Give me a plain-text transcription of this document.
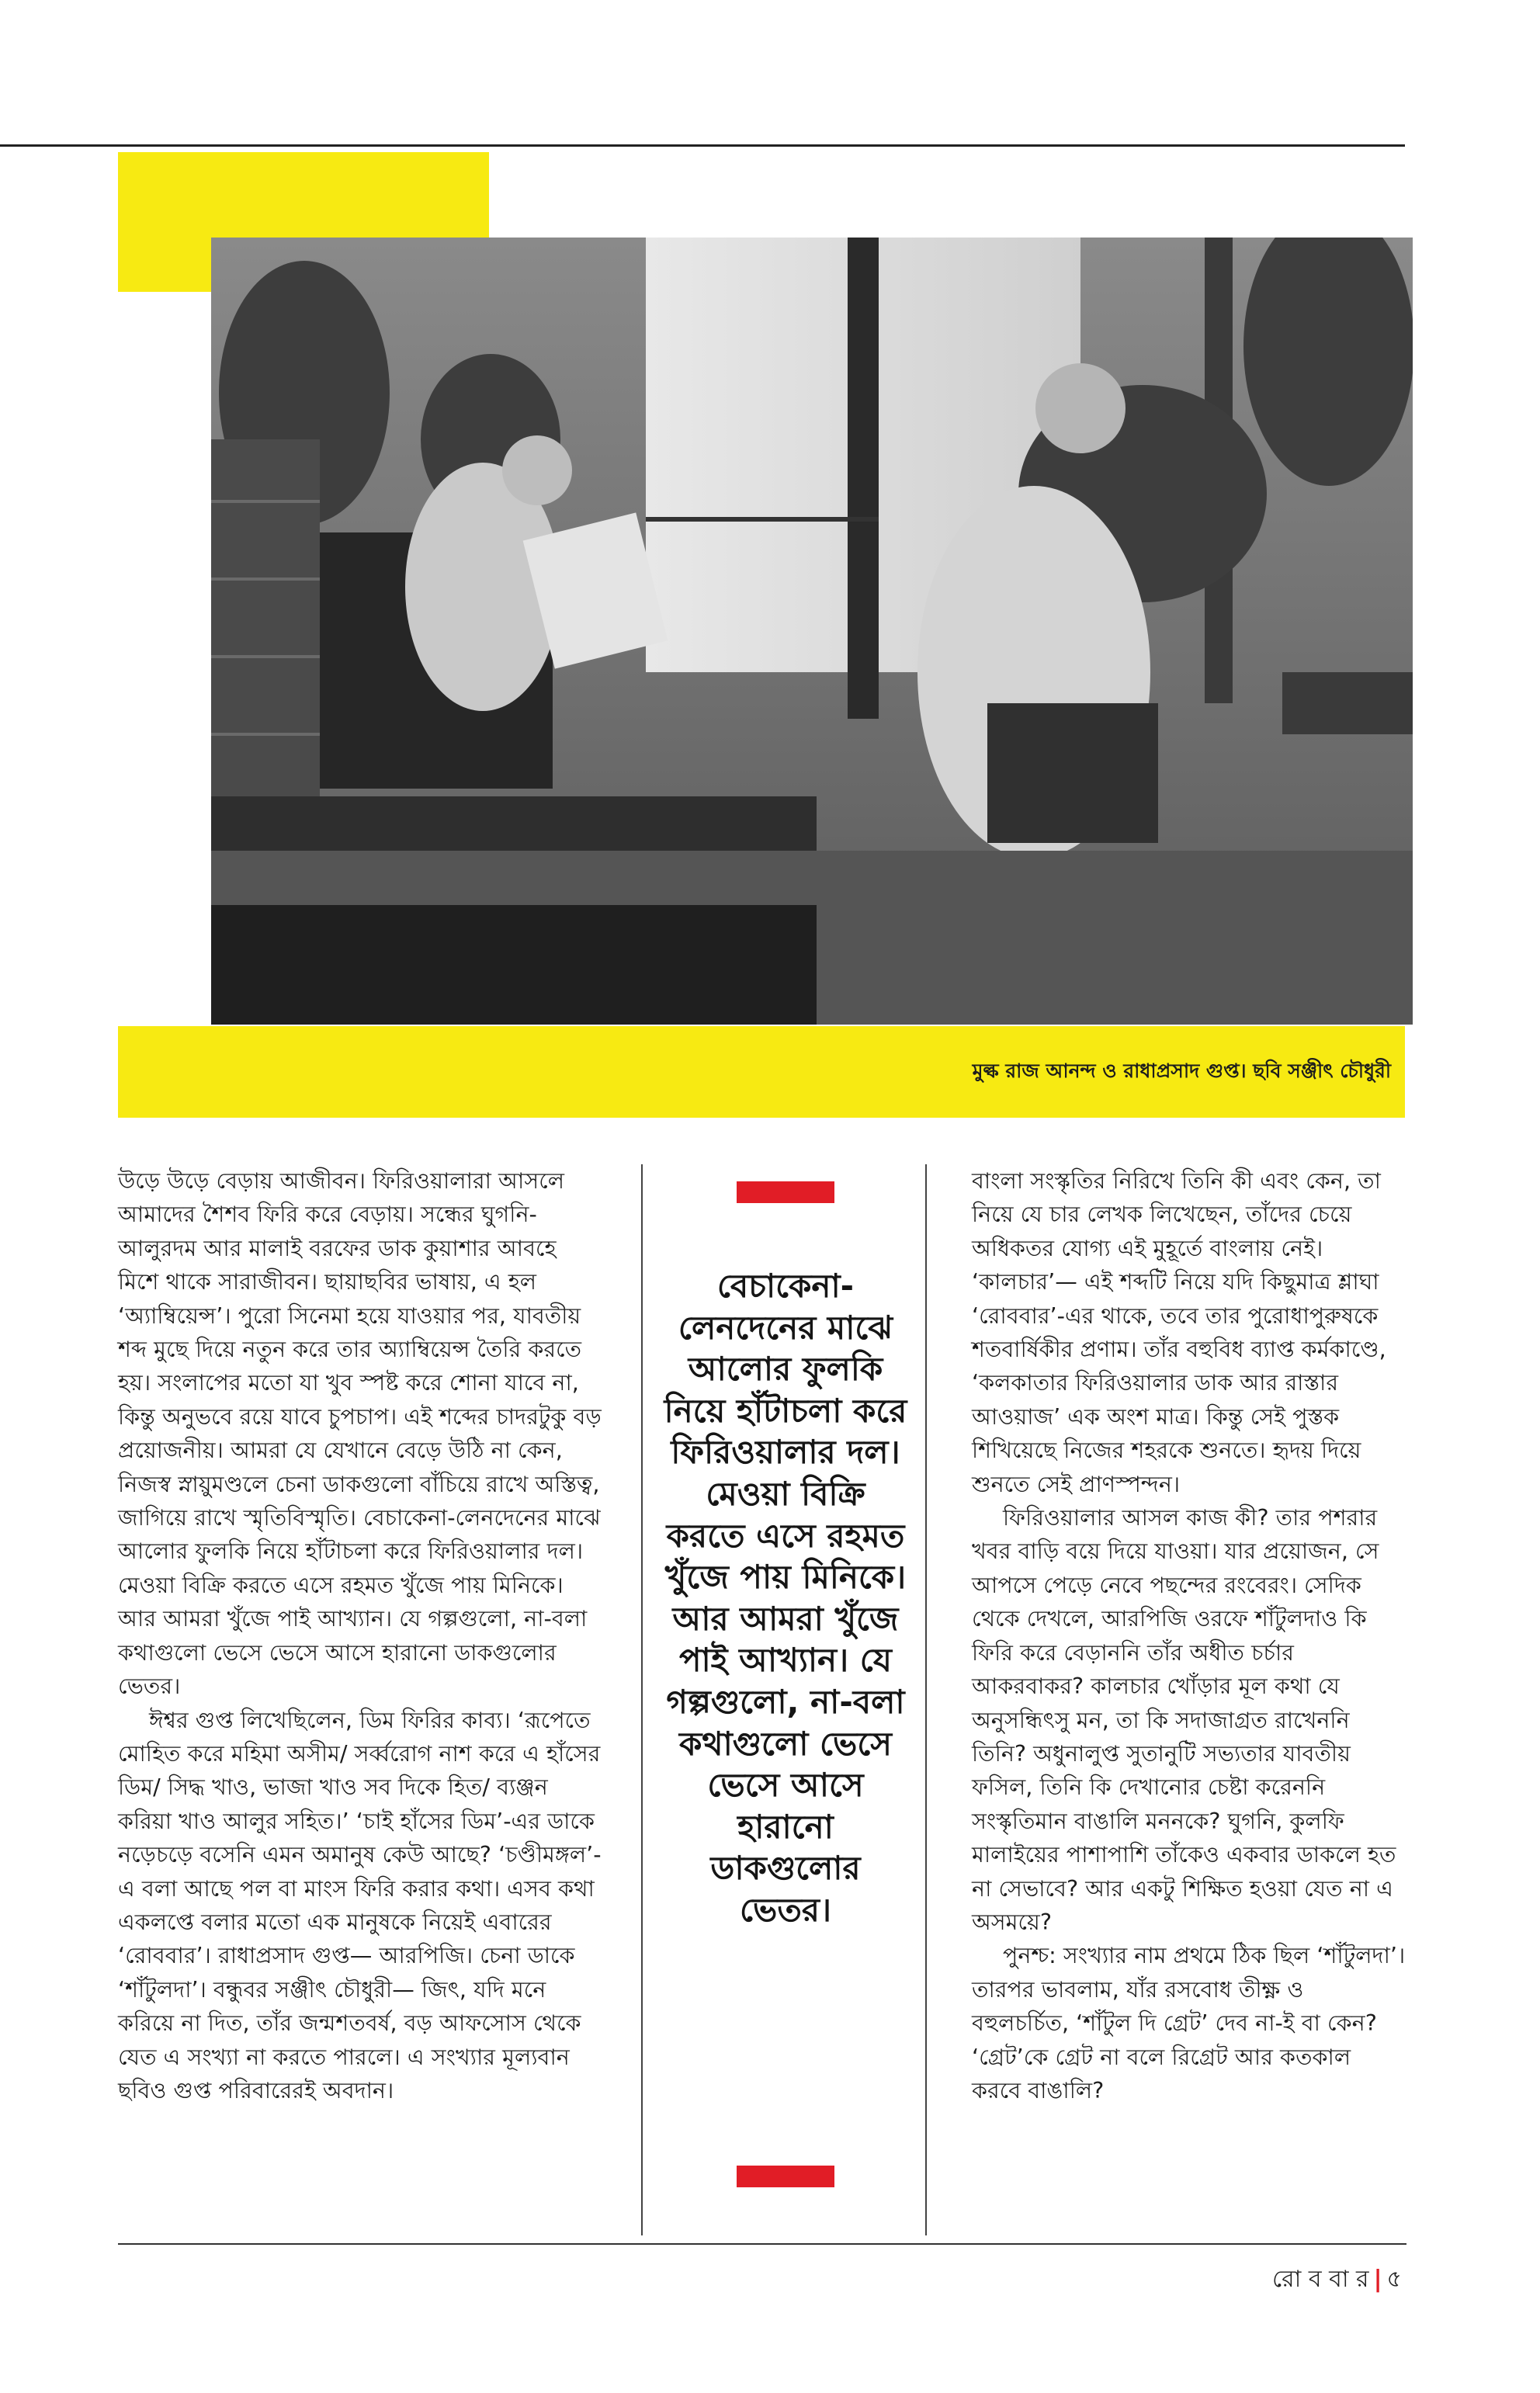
মুল্ক রাজ আনন্দ ও রাধাপ্রসাদ গুপ্ত। ছবি সঞ্জীৎ চৌধুরী

উড়ে উড়ে বেড়ায় আজীবন। ফিরিওয়ালারা আসলে আমাদের শৈশব ফিরি করে বেড়ায়। সন্ধের ঘুগনি-আলুরদম আর মালাই বরফের ডাক কুয়াশার আবহে মিশে থাকে সারাজীবন। ছায়াছবির ভাষায়, এ হল ‘অ্যাম্বিয়েন্স’। পুরো সিনেমা হয়ে যাওয়ার পর, যাবতীয় শব্দ মুছে দিয়ে নতুন করে তার অ্যাম্বিয়েন্স তৈরি করতে হয়। সংলাপের মতো যা খুব স্পষ্ট করে শোনা যাবে না, কিন্তু অনুভবে রয়ে যাবে চুপচাপ। এই শব্দের চাদরটুকু বড় প্রয়োজনীয়। আমরা যে যেখানে বেড়ে উঠি না কেন, নিজস্ব স্নায়ুমণ্ডলে চেনা ডাকগুলো বাঁচিয়ে রাখে অস্তিত্ব, জাগিয়ে রাখে স্মৃতিবিস্মৃতি। বেচাকেনা-লেনদেনের মাঝে আলোর ফুলকি নিয়ে হাঁটাচলা করে ফিরিওয়ালার দল। মেওয়া বিক্রি করতে এসে রহমত খুঁজে পায় মিনিকে। আর আমরা খুঁজে পাই আখ্যান। যে গল্পগুলো, না-বলা কথাগুলো ভেসে ভেসে আসে হারানো ডাকগুলোর ভেতর।

ঈশ্বর গুপ্ত লিখেছিলেন, ডিম ফিরির কাব্য। ‘রূপেতে মোহিত করে মহিমা অসীম/ সর্ব্বরোগ নাশ করে এ হাঁসের ডিম/ সিদ্ধ খাও, ভাজা খাও সব দিকে হিত/ ব্যঞ্জন করিয়া খাও আলুর সহিত।’ ‘চাই হাঁসের ডিম’-এর ডাকে নড়েচড়ে বসেনি এমন অমানুষ কেউ আছে? ‘চণ্ডীমঙ্গল’-এ বলা আছে পল বা মাংস ফিরি করার কথা। এসব কথা একলপ্তে বলার মতো এক মানুষকে নিয়েই এবারের ‘রোববার’। রাধাপ্রসাদ গুপ্ত— আরপিজি। চেনা ডাকে ‘শাঁটুলদা’। বন্ধুবর সঞ্জীৎ চৌধুরী— জিৎ, যদি মনে করিয়ে না দিত, তাঁর জন্মশতবর্ষ, বড় আফসোস থেকে যেত এ সংখ্যা না করতে পারলে। এ সংখ্যার মূল্যবান ছবিও গুপ্ত পরিবারেরই অবদান।

বেচাকেনা-লেনদেনের মাঝে আলোর ফুলকি নিয়ে হাঁটাচলা করে ফিরিওয়ালার দল। মেওয়া বিক্রি করতে এসে রহমত খুঁজে পায় মিনিকে। আর আমরা খুঁজে পাই আখ্যান। যে গল্পগুলো, না-বলা কথাগুলো ভেসে ভেসে আসে হারানো ডাকগুলোর ভেতর।

বাংলা সংস্কৃতির নিরিখে তিনি কী এবং কেন, তা নিয়ে যে চার লেখক লিখেছেন, তাঁদের চেয়ে অধিকতর যোগ্য এই মুহূর্তে বাংলায় নেই। ‘কালচার’— এই শব্দটি নিয়ে যদি কিছুমাত্র শ্লাঘা ‘রোববার’-এর থাকে, তবে তার পুরোধাপুরুষকে শতবার্ষিকীর প্রণাম। তাঁর বহুবিধ ব্যাপ্ত কর্মকাণ্ডে, ‘কলকাতার ফিরিওয়ালার ডাক আর রাস্তার আওয়াজ’ এক অংশ মাত্র। কিন্তু সেই পুস্তক শিখিয়েছে নিজের শহরকে শুনতে। হৃদয় দিয়ে শুনতে সেই প্রাণস্পন্দন।

ফিরিওয়ালার আসল কাজ কী? তার পশরার খবর বাড়ি বয়ে দিয়ে যাওয়া। যার প্রয়োজন, সে আপসে পেড়ে নেবে পছন্দের রংবেরং। সেদিক থেকে দেখলে, আরপিজি ওরফে শাঁটুলদাও কি ফিরি করে বেড়াননি তাঁর অধীত চর্চার আকরবাকর? কালচার খোঁড়ার মূল কথা যে অনুসন্ধিৎসু মন, তা কি সদাজাগ্রত রাখেননি তিনি? অধুনালুপ্ত সুতানুটি সভ্যতার যাবতীয় ফসিল, তিনি কি দেখানোর চেষ্টা করেননি সংস্কৃতিমান বাঙালি মননকে? ঘুগনি, কুলফি মালাইয়ের পাশাপাশি তাঁকেও একবার ডাকলে হত না সেভাবে? আর একটু শিক্ষিত হওয়া যেত না এ অসময়ে?

পুনশ্চ: সংখ্যার নাম প্রথমে ঠিক ছিল ‘শাঁটুলদা’। তারপর ভাবলাম, যাঁর রসবোধ তীক্ষ্ণ ও বহুলচর্চিত, ‘শাঁটুল দি গ্রেট’ দেব না-ই বা কেন? ‘গ্রেট’কে গ্রেট না বলে রিগ্রেট আর কতকাল করবে বাঙালি?

রো ব বা র | ৫
